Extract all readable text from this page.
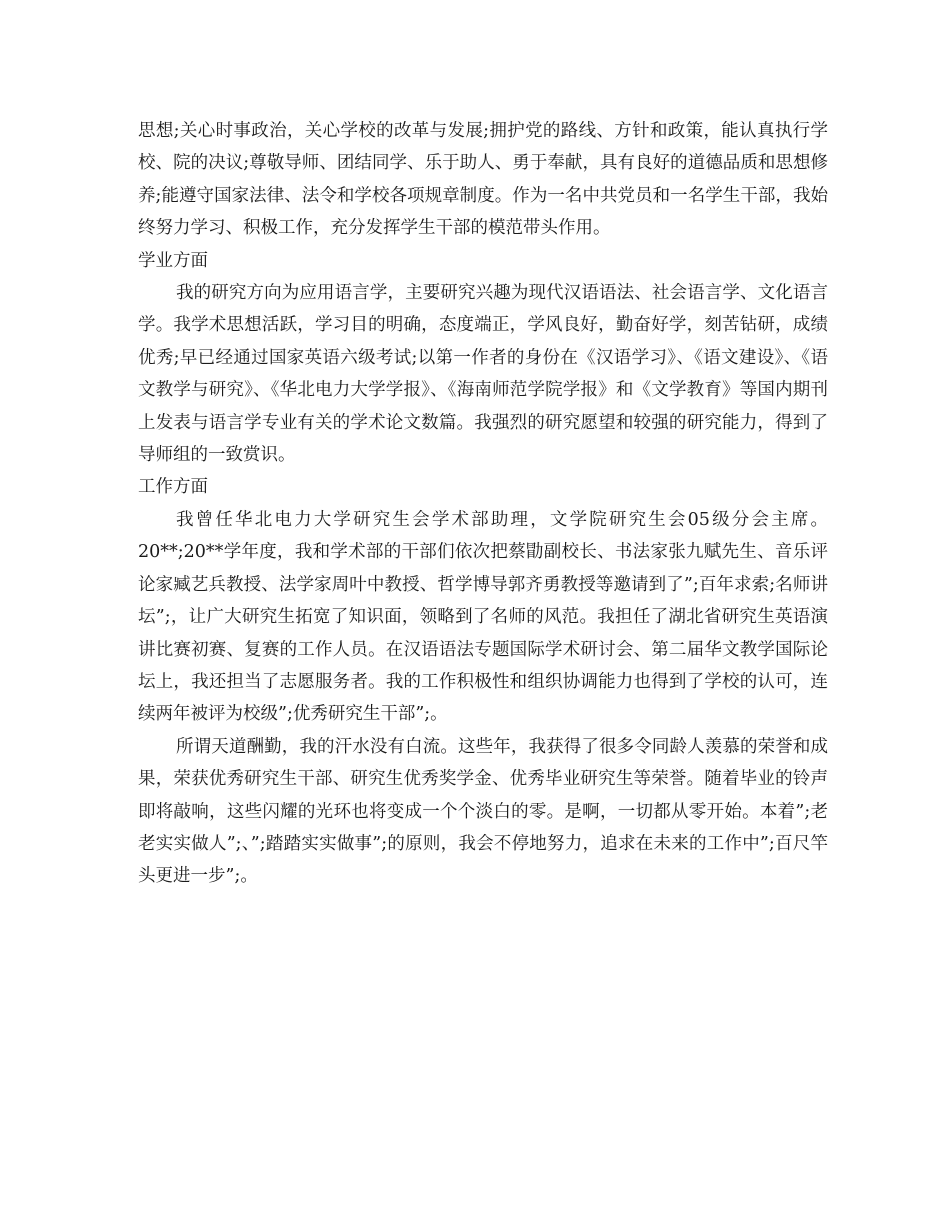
思想;关心时事政治，关心学校的改革与发展;拥护党的路线、方针和政策，能认真执行学校、院的决议;尊敬导师、团结同学、乐于助人、勇于奉献，具有良好的道德品质和思想修养;能遵守国家法律、法令和学校各项规章制度。作为一名中共党员和一名学生干部，我始终努力学习、积极工作，充分发挥学生干部的模范带头作用。

学业方面

我的研究方向为应用语言学，主要研究兴趣为现代汉语语法、社会语言学、文化语言学。我学术思想活跃，学习目的明确，态度端正，学风良好，勤奋好学，刻苦钻研，成绩优秀;早已经通过国家英语六级考试;以第一作者的身份在《汉语学习》、《语文建设》、《语文教学与研究》、《华北电力大学学报》、《海南师范学院学报》和《文学教育》等国内期刊上发表与语言学专业有关的学术论文数篇。我强烈的研究愿望和较强的研究能力，得到了导师组的一致赏识。

工作方面

我曾任华北电力大学研究生会学术部助理，文学院研究生会05级分会主席。20**;20**学年度，我和学术部的干部们依次把蔡勖副校长、书法家张九赋先生、音乐评论家臧艺兵教授、法学家周叶中教授、哲学博导郭齐勇教授等邀请到了”;百年求索;名师讲坛”;，让广大研究生拓宽了知识面，领略到了名师的风范。我担任了湖北省研究生英语演讲比赛初赛、复赛的工作人员。在汉语语法专题国际学术研讨会、第二届华文教学国际论坛上，我还担当了志愿服务者。我的工作积极性和组织协调能力也得到了学校的认可，连续两年被评为校级”;优秀研究生干部”;。

所谓天道酬勤，我的汗水没有白流。这些年，我获得了很多令同龄人羡慕的荣誉和成果，荣获优秀研究生干部、研究生优秀奖学金、优秀毕业研究生等荣誉。随着毕业的铃声即将敲响，这些闪耀的光环也将变成一个个淡白的零。是啊，一切都从零开始。本着”;老老实实做人”;、”;踏踏实实做事”;的原则，我会不停地努力，追求在未来的工作中”;百尺竿头更进一步”;。
